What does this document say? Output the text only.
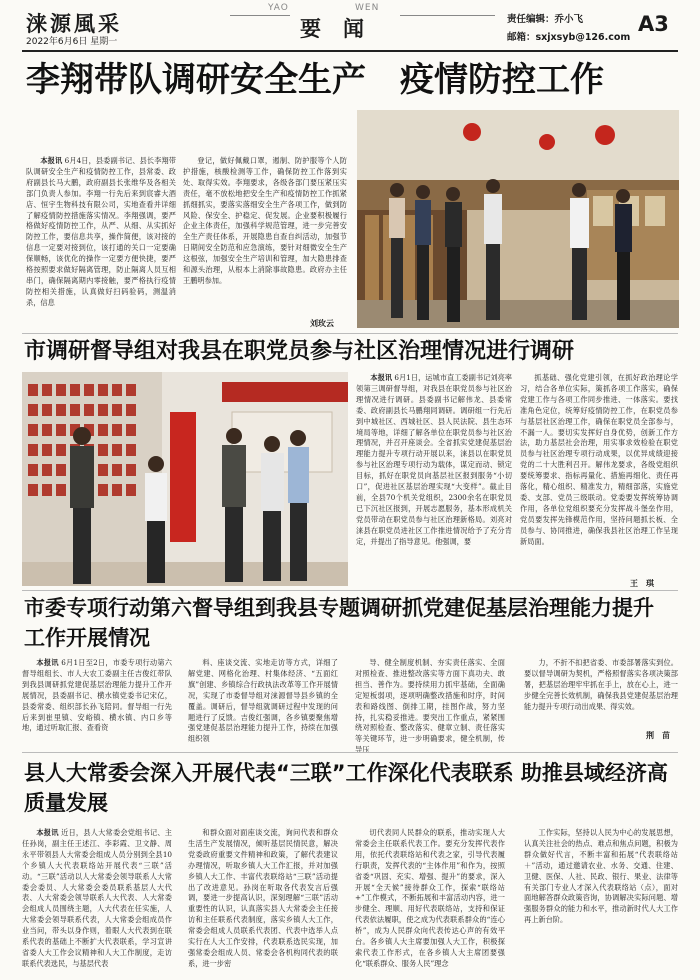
涞源風采
2022年6月6日 星期一
YAO	WEN
要闻	责任编辑：乔小飞
邮箱：sxjxsyb@126.com
A3
李翔带队调研安全生产　疫情防控工作
本报讯 6月4日，县委副书记、县长李翔带队调研安全生产和疫情防控工作，县常委、政府副县长马大鹏，政府副县长张维华及各相关部门负责人参加。李翔一行先后来到宸睿大酒店、恒宇生物科技有限公司，实地查看并详细了解疫情防控措施落实情况。李翔强调，要严格做好疫情防控工作，从严、从细、从实抓好防控工作，要信息共享，操作简便，该对接的信息一定要对接到位，该打通的关口一定要确保顺畅，该优化的操作一定要方便快捷，要严格按照要求做好隔离管理，防止隔离人员互相串门，确保隔离期内零接触，要严格执行疫情防控相关措施，认真做好扫码验码，测温消杀，信息
登记，做好佩戴口罩，遏制、防护服等个人防护措施，核酸检测等工作，确保防控工作落到实处、取得实效。李翔要求，各级各部门要压紧压实责任，毫不放松地把安全生产和疫情防控工作抓紧抓细抓实，要落实落细安全生产各项工作，做到防风险、保安全、护稳定、促发展。企业要积极履行企业主体责任，加强科学规范管理，进一步完善安全生产责任体系，开展隐患自查自纠活动，加强节日期间安全防范和应急演练，要针对细微安全生产这根弦，加强安全生产培训和管理，加大隐患排查和源头治理，从根本上消除事故隐患。政府办主任王鹏明参加。
刘玫云
市调研督导组对我县在职党员参与社区治理情况进行调研
本报讯 6月1日，运城市直工委副书记刘亮率领第三调研督导组，对我县在职党员参与社区治理情况进行调研。县委副书记解伟龙、县委常委、政府副县长马鹏翔同调研。调研组一行先后到中城社区、西城社区、县人民法院、县生态环境局等地，详细了解各单位在职党员参与社区治理情况，并召开座谈会。全省抓实党建促基层治理能力提升专项行动开展以来，涞县以在职党员参与社区治理专项行动为载体，谋定而动、锁定目标，抓好在职党员向基层社区报到服务“小切口”，促进社区基层治理实现“大变样”。截止目前，全县70个机关党组织，2300余名在职党员已下沉社区报到，开展志愿服务，基本形成机关党员带动在职党员参与社区治理新格局。刘亮对涞县在职党员进社区工作推进情况给予了充分肯定，并提出了指导意见。他强调，要
抓基础、强化党建引领，在抓好政治理论学习，结合各单位实际，策抓各项工作落实，确保党建工作与各项工作同步推进、一体落实。要找准角色定位，统筹好疫情防控工作，在职党员参与基层社区治理工作，确保在职党员全部参与，不漏一人。要切实发挥好自身优势，创新工作方法，助力基层社会治理，用实事求效检验在职党员参与社区治理专项行动成果，以优异成绩迎接党的二十大胜利召开。解伟龙要求，各级党组织要统筹要求、指标再量化、措施再细化、责任再落化，精心组织、精准发力，精细部落，实施党委、支部、党员三级联动。党委要发挥统筹协调作用，各单位党组织要充分发挥战斗堡垒作用，党员要发挥先锋模范作用，坚持问题抓长板、全员参与、协同推进，确保我县社区治理工作呈现新局面。
王　琪
市委专项行动第六督导组到我县专题调研抓党建促基层治理能力提升工作开展情况
本报讯 6月1日至2日，市委专项行动第六督导组组长、市人大农工委副主任吉俊红带队到我县调研抓党建促基层治理能力提升工作开展情况，县委副书记、横水镇党委书记宋亿，县委常委、组织部长孙飞陪同。督导组一行先后来到崔里镇、安峪镇、横水镇、内口乡等地，通过听取汇报、查看资
料、座谈交流、实地走访等方式，详细了解党建、网格化治理、村集体经济、“五面红旗”创建、乡镇综合行政执法改革等工作开展情况，实现了市委督导组对涞源督导县乡镇的全覆盖。调研后，督导组就调研过程中发现的问题进行了反馈。吉俊红强调，各乡镇要聚焦增强党建促基层治理能力提升工作，持续在加强组织领
导、健全制度机制、夯实责任落实、全面对照检查、推进整改落实等方面下真功夫、敢担当、善作为。要持续用力抓牢基础，全面确定短板弱项，逐项明确整改措施和时序，时间表和路线图、倒排工期，挂图作战，努力坚持，扎实稳妥推进。要突出工作重点，紧紧围绕对照检查、整改落实、健章立制、责任落实等关键环节，进一步明确要求，健全机制，传导压
力，不折不扣把省委、市委部署落实到位。要以督导调研为契机，严格照督落实各项决策部署，把基层治理牢牢抓在手上，放在心上，进一步健全完善长效机制，确保我县党建促基层治理能力提升专项行动出成果、得实效。
荆　苗
县人大常委会深入开展代表“三联”工作深化代表联系 助推县域经济高质量发展
本报讯 近日，县人大常委会党组书记、主任孙岗，副主任王述江、李彩霞、卫文静、周永平带领县人大常委会组成人员分别到全县10个乡镇人大代表联络站开展代表“三联”活动。“三联”活动以人大常委会领导联系人大常委会委员、人大常委会委员联系基层人大代表、人大常委会领导联系人大代表、人大常委会组成人员围绕主题，人大代表在任实施，人大常委会领导联系代表，人大常委会组成员作业当问，带头以身作则，着眼人大代表到在联系代表的基础上不断扩大代表联系，学习宣讲省委人大工作会议精神和人大工作制度，走访联系代表选民，与基层代表
和群众面对面座谈交流，询问代表和群众生活生产发展情况，倾听基层民情民意，解决党委政府重要文件精神和政策，了解代表建议办理情况，听取乡镇人大工作汇报，并对加强乡镇人大工作、丰富代表联络站“三联”活动提出了改进意见。孙岗在听取各代表发言后强调，要进一步提高认识，深刻理解“三联”活动重要性的认识，认真落实县人大常委会主任接访和主任联系代表制度，落实乡镇人大工作，常委会组成人员联系代表团、代表中选举人点实行在人大工作安排，代表联系选民实现，加强常委会组成人员、常委会各机构同代表的联系，进一步密
切代表同人民群众的联系，推动实现人大常委会主任联系代表工作。要充分发挥代表作用，依托代表联络站和代表之家，引导代表履行职责，发挥代表的“主体作用”和作为，按照省委“巩固、充实、增强、提升”的要求，深入开展“全天候”接待群众工作，探索“联络站+”工作模式，不断拓展和丰富活动内容，进一步健全、理顺、用好代表联络站，支持和保证代表依法履职，使之成为代表联系群众的“连心桥”，成为人民群众向代表传达心声的有效平台。各乡镇人大主席要加强人大工作，积极探索代表工作形式，在各乡镇人大主席团要强化“联系群众、服务人民”理念
工作实际，坚持以人民为中心的发展思想，认真关注社会的热点、难点和焦点问题，积极为群众做好代言，不断丰富和拓展“代表联络站＋”活动，通过邀请农业、水务、交通、住建、卫健、医保、人社、民政、银行、果业、法律等有关部门专业人才深入代表联络站（点），面对面地解答群众政策咨询，协调解决实际问题、增强服务群众的能力和水平，推动新时代人大工作再上新台阶。
